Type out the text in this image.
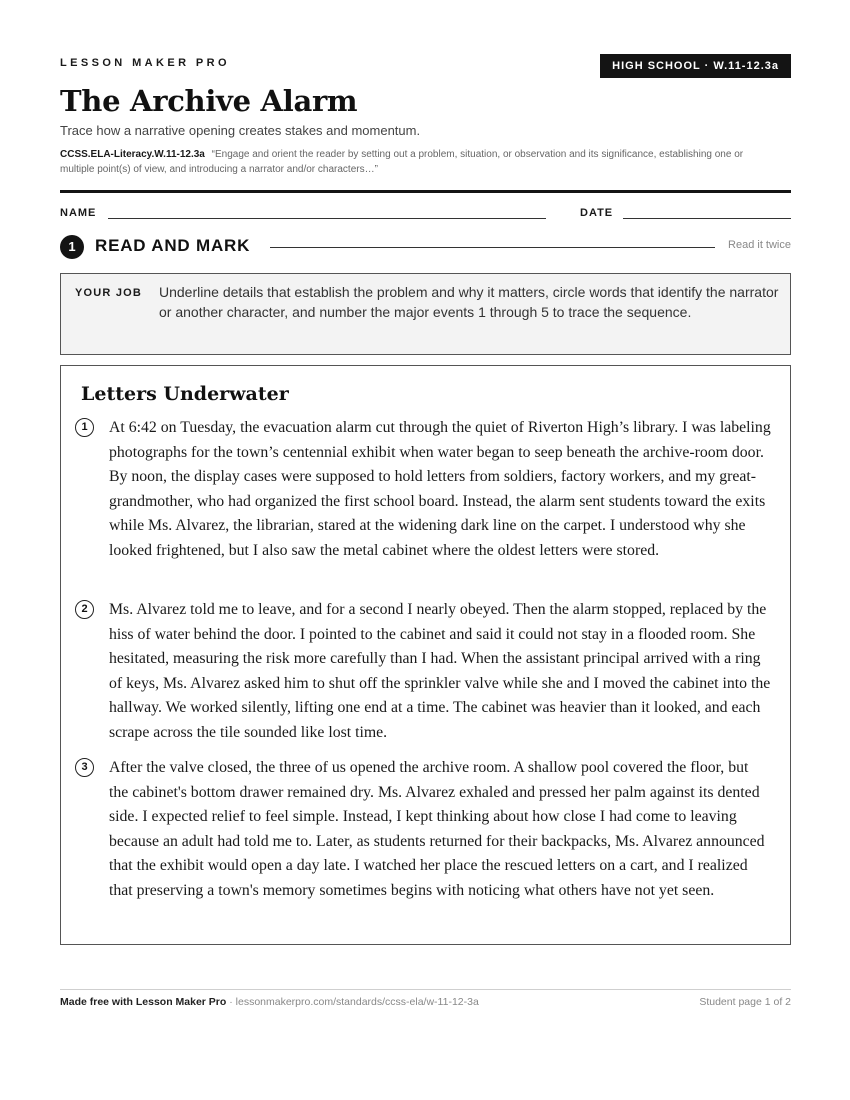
LESSON MAKER PRO	HIGH SCHOOL · W.11-12.3a
The Archive Alarm
Trace how a narrative opening creates stakes and momentum.
CCSS.ELA-Literacy.W.11-12.3a “Engage and orient the reader by setting out a problem, situation, or observation and its significance, establishing one or multiple point(s) of view, and introducing a narrator and/or characters…”
NAME	DATE
1	READ AND MARK	Read it twice
YOUR JOB Underline details that establish the problem and why it matters, circle words that identify the narrator or another character, and number the major events 1 through 5 to trace the sequence.
Letters Underwater
1	At 6:42 on Tuesday, the evacuation alarm cut through the quiet of Riverton High’s library. I was labeling photographs for the town’s centennial exhibit when water began to seep beneath the archive-room door. By noon, the display cases were supposed to hold letters from soldiers, factory workers, and my great-grandmother, who had organized the first school board. Instead, the alarm sent students toward the exits while Ms. Alvarez, the librarian, stared at the widening dark line on the carpet. I understood why she looked frightened, but I also saw the metal cabinet where the oldest letters were stored.

2	Ms. Alvarez told me to leave, and for a second I nearly obeyed. Then the alarm stopped, replaced by the hiss of water behind the door. I pointed to the cabinet and said it could not stay in a flooded room. She hesitated, measuring the risk more carefully than I had. When the assistant principal arrived with a ring of keys, Ms. Alvarez asked him to shut off the sprinkler valve while she and I moved the cabinet into the hallway. We worked silently, lifting one end at a time. The cabinet was heavier than it looked, and each scrape across the tile sounded like lost time.

3	After the valve closed, the three of us opened the archive room. A shallow pool covered the floor, but the cabinet's bottom drawer remained dry. Ms. Alvarez exhaled and pressed her palm against its dented side. I expected relief to feel simple. Instead, I kept thinking about how close I had come to leaving because an adult had told me to. Later, as students returned for their backpacks, Ms. Alvarez announced that the exhibit would open a day late. I watched her place the rescued letters on a cart, and I realized that preserving a town's memory sometimes begins with noticing what others have not yet seen.

Made free with Lesson Maker Pro · lessonmakerpro.com/standards/ccss-ela/w-11-12-3a	Student page 1 of 2
